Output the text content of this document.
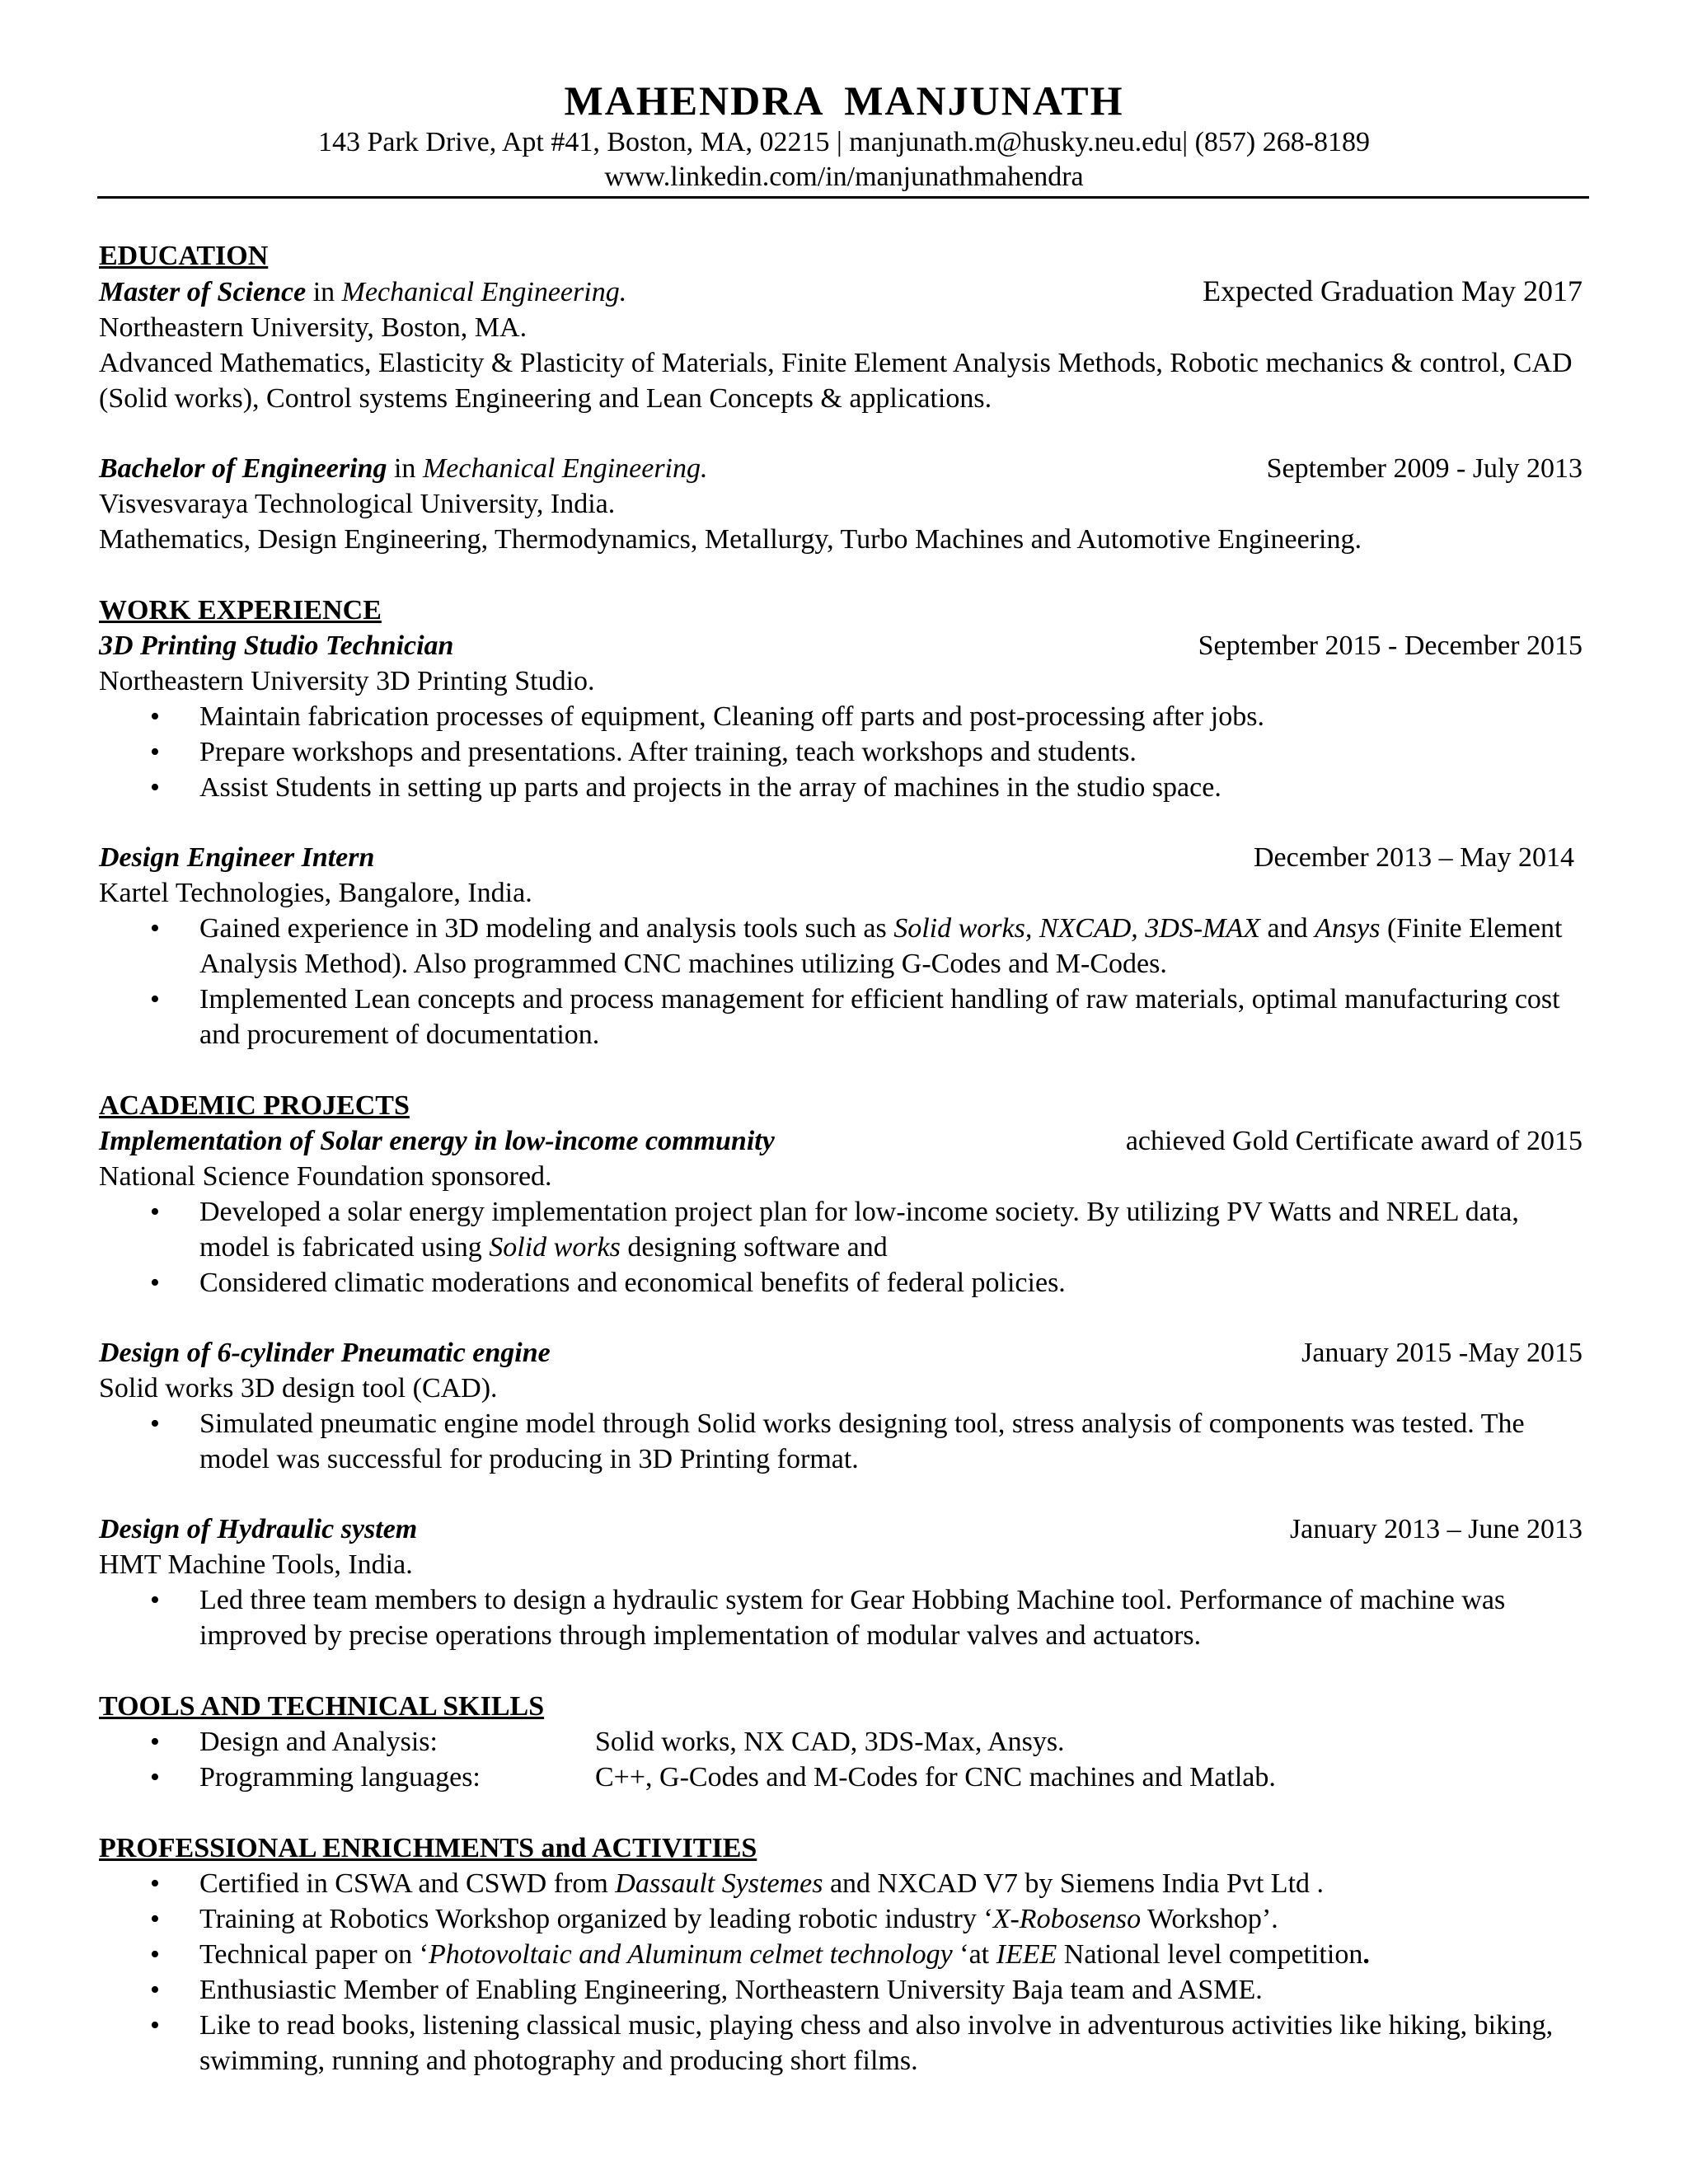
MAHENDRA MANJUNATH
143 Park Drive, Apt #41, Boston, MA, 02215 | manjunath.m@husky.neu.edu| (857) 268-8189
www.linkedin.com/in/manjunathmahendra
EDUCATION
Master of Science in Mechanical Engineering.	Expected Graduation May 2017
Northeastern University, Boston, MA.
Advanced Mathematics, Elasticity & Plasticity of Materials, Finite Element Analysis Methods, Robotic mechanics & control, CAD (Solid works), Control systems Engineering and Lean Concepts & applications.
Bachelor of Engineering in Mechanical Engineering.	September 2009 - July 2013
Visvesvaraya Technological University, India.
Mathematics, Design Engineering, Thermodynamics, Metallurgy, Turbo Machines and Automotive Engineering.
WORK EXPERIENCE
3D Printing Studio Technician	September 2015 - December 2015
Northeastern University 3D Printing Studio.
• Maintain fabrication processes of equipment, Cleaning off parts and post-processing after jobs.
• Prepare workshops and presentations. After training, teach workshops and students.
• Assist Students in setting up parts and projects in the array of machines in the studio space.
Design Engineer Intern	December 2013 – May 2014
Kartel Technologies, Bangalore, India.
• Gained experience in 3D modeling and analysis tools such as Solid works, NXCAD, 3DS-MAX and Ansys (Finite Element Analysis Method). Also programmed CNC machines utilizing G-Codes and M-Codes.
• Implemented Lean concepts and process management for efficient handling of raw materials, optimal manufacturing cost and procurement of documentation.
ACADEMIC PROJECTS
Implementation of Solar energy in low-income community	achieved Gold Certificate award of 2015
National Science Foundation sponsored.
• Developed a solar energy implementation project plan for low-income society. By utilizing PV Watts and NREL data, model is fabricated using Solid works designing software and
• Considered climatic moderations and economical benefits of federal policies.
Design of 6-cylinder Pneumatic engine	January 2015 -May 2015
Solid works 3D design tool (CAD).
• Simulated pneumatic engine model through Solid works designing tool, stress analysis of components was tested. The model was successful for producing in 3D Printing format.
Design of Hydraulic system	January 2013 – June 2013
HMT Machine Tools, India.
• Led three team members to design a hydraulic system for Gear Hobbing Machine tool. Performance of machine was improved by precise operations through implementation of modular valves and actuators.
TOOLS AND TECHNICAL SKILLS
• Design and Analysis:	Solid works, NX CAD, 3DS-Max, Ansys.
• Programming languages:	C++, G-Codes and M-Codes for CNC machines and Matlab.
PROFESSIONAL ENRICHMENTS and ACTIVITIES
• Certified in CSWA and CSWD from Dassault Systemes and NXCAD V7 by Siemens India Pvt Ltd .
• Training at Robotics Workshop organized by leading robotic industry ‘X-Robosenso Workshop’.
• Technical paper on ‘Photovoltaic and Aluminum celmet technology ‘at IEEE National level competition.
• Enthusiastic Member of Enabling Engineering, Northeastern University Baja team and ASME.
• Like to read books, listening classical music, playing chess and also involve in adventurous activities like hiking, biking, swimming, running and photography and producing short films.
